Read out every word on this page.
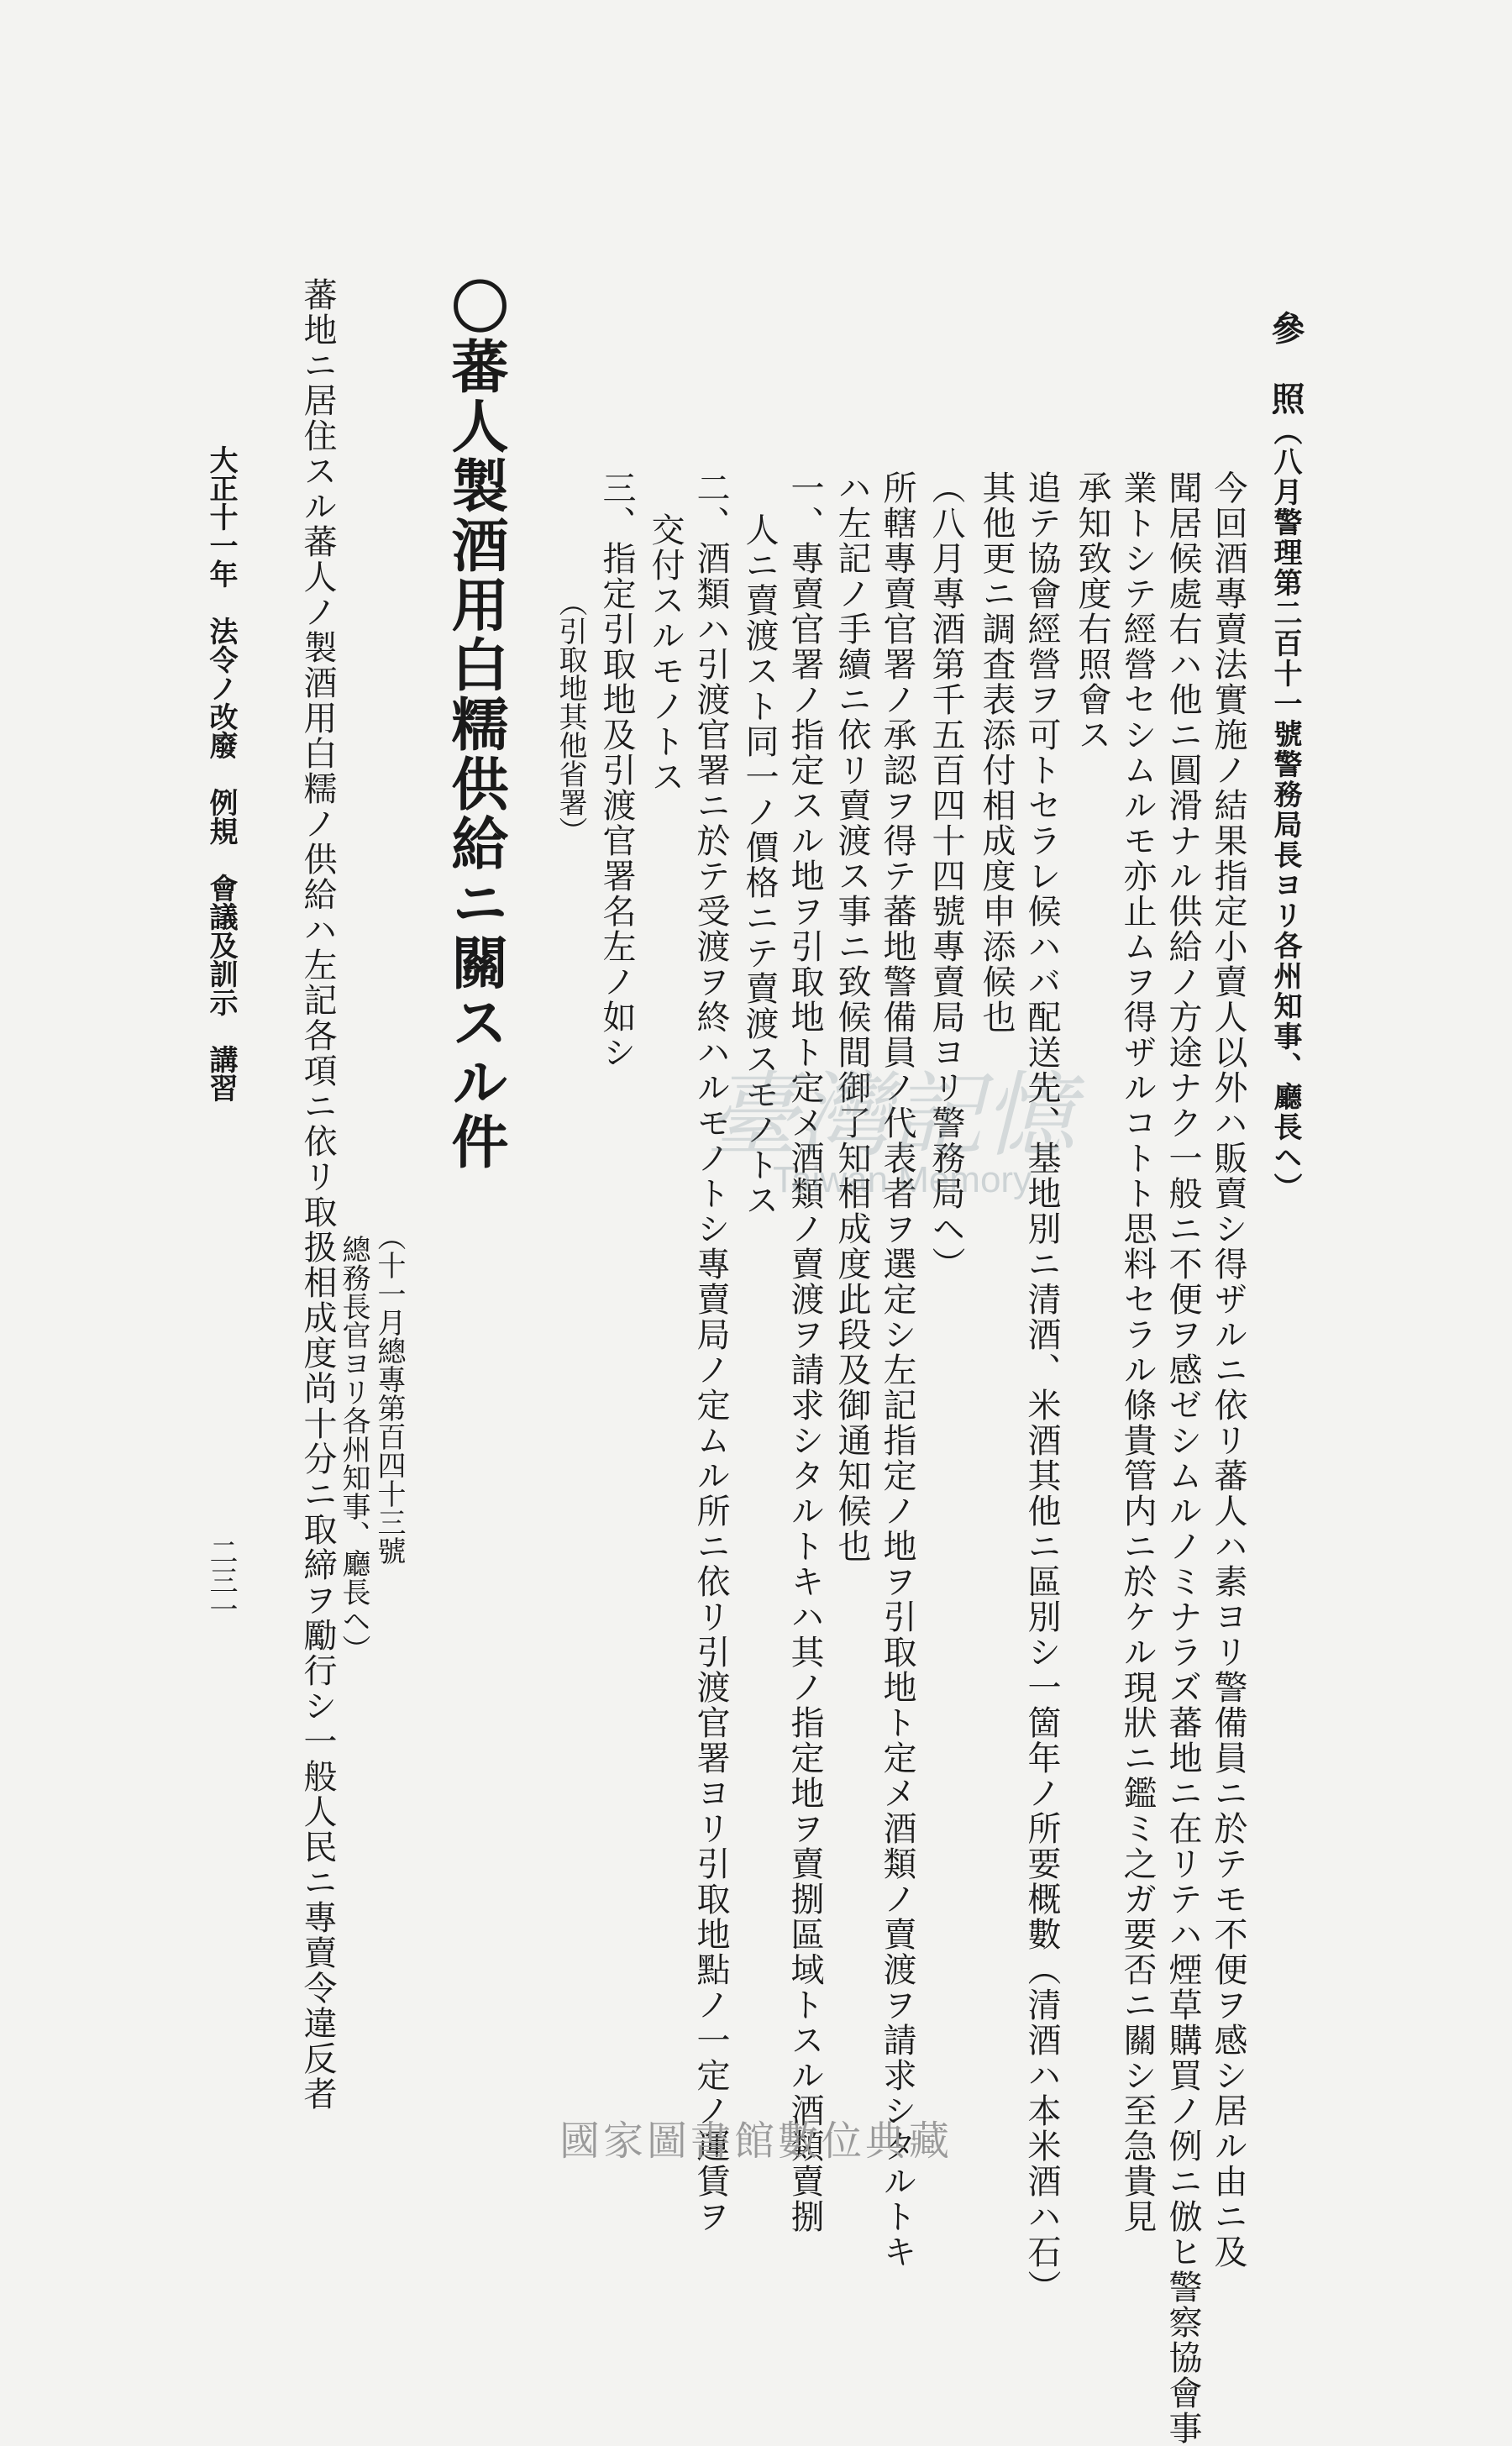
參　照（八月警理第二百十一號警務局長ヨリ各州知事、廳長ヘ）
今回酒專賣法實施ノ結果指定小賣人以外ハ販賣シ得ザルニ依リ蕃人ハ素ヨリ警備員ニ於テモ不便ヲ感シ居ル由ニ及
聞居候處右ハ他ニ圓滑ナル供給ノ方途ナク一般ニ不便ヲ感ゼシムルノミナラズ蕃地ニ在リテハ煙草購買ノ例ニ倣ヒ警察協會事
業トシテ經營セシムルモ亦止ムヲ得ザルコトト思料セラル條貴管内ニ於ケル現狀ニ鑑ミ之ガ要否ニ關シ至急貴見
承知致度右照會ス
追テ協會經營ヲ可トセラレ候ハバ配送先、基地別ニ清酒、米酒其他ニ區別シ一箇年ノ所要概數（清酒ハ本米酒ハ石）
其他更ニ調査表添付相成度申添候也
（八月專酒第千五百四十四號專賣局ヨリ警務局ヘ）
所轄專賣官署ノ承認ヲ得テ蕃地警備員ノ代表者ヲ選定シ左記指定ノ地ヲ引取地ト定メ酒類ノ賣渡ヲ請求シタルトキ
ハ左記ノ手續ニ依リ賣渡ス事ニ致候間御了知相成度此段及御通知候也
一、專賣官署ノ指定スル地ヲ引取地ト定メ酒類ノ賣渡ヲ請求シタルトキハ其ノ指定地ヲ賣捌區域トスル酒類賣捌
人ニ賣渡スト同一ノ價格ニテ賣渡スモノトス
二、酒類ハ引渡官署ニ於テ受渡ヲ終ハルモノトシ專賣局ノ定ムル所ニ依リ引渡官署ヨリ引取地點ノ一定ノ運賃ヲ
交付スルモノトス
三、指定引取地及引渡官署名左ノ如シ
（引取地其他省署）
〇蕃人製酒用白糯供給ニ關スル件
（十一月總專第百四十三號
總務長官ヨリ各州知事、廳長ヘ）
蕃地ニ居住スル蕃人ノ製酒用白糯ノ供給ハ左記各項ニ依リ取扱相成度尚十分ニ取締ヲ勵行シ一般人民ニ專賣令違反者
大正十一年　法令ノ改廢　例規　會議及訓示　講習
二三一
臺灣記憶
Taiwan Memory
國家圖書館數位典藏
